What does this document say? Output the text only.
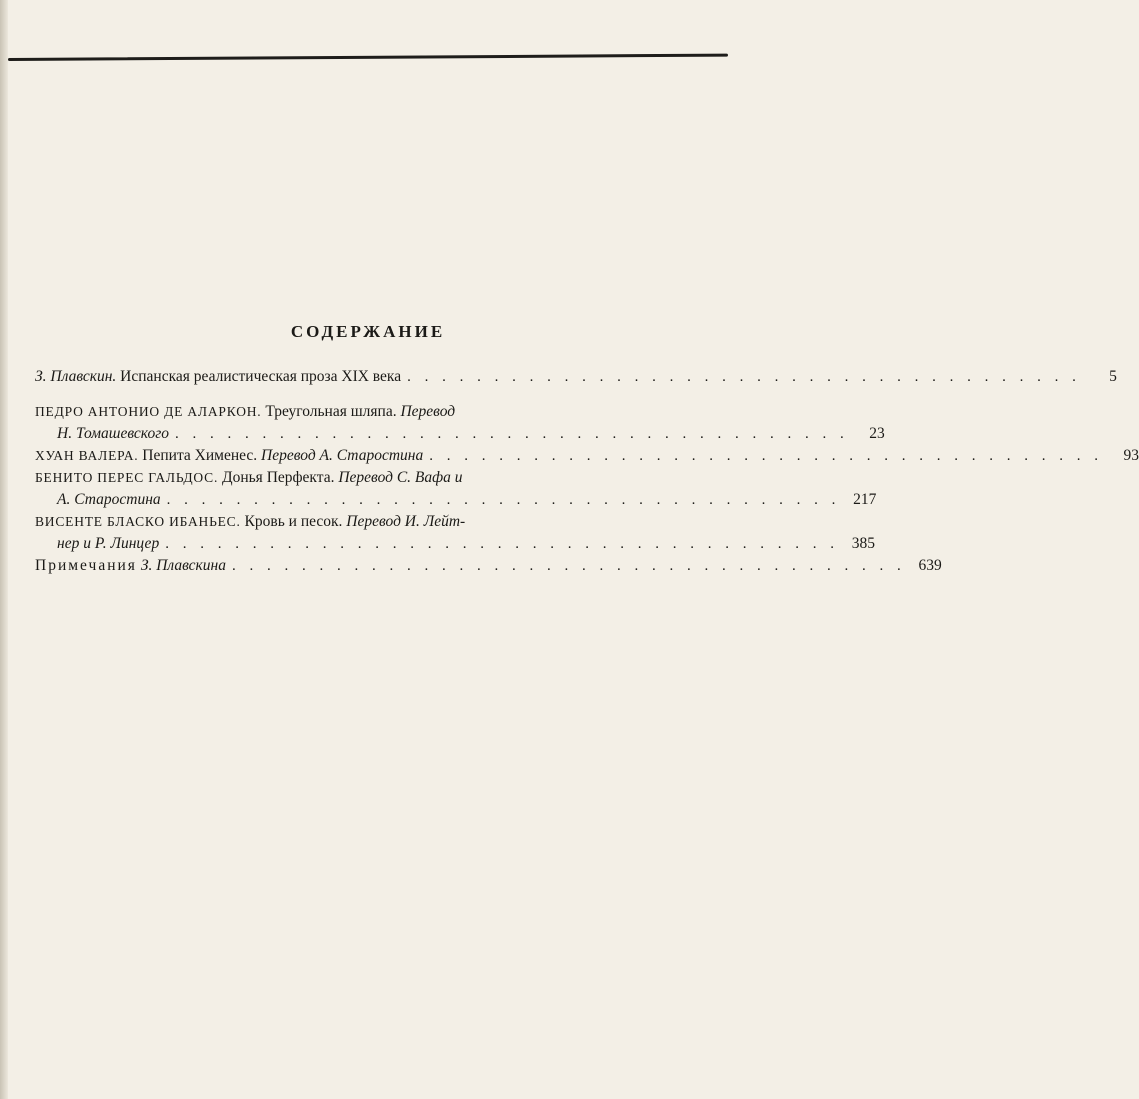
СОДЕРЖАНИЕ
З. Плавскин. Испанская реалистическая проза XIX века . . . . . . . . . . . . . . . . . . . . . . . . . . . . . . . . . . . . . . .	5
ПЕДРО АНТОНИО ДЕ АЛАРКОН. Треугольная шляпа. Перевод
Н. Томашевского . . . . . . . . . . . . . . . . . . . . . . . . . . . . . . . . . . . . . . .	23
ХУАН ВАЛЕРА. Пепита Хименес. Перевод А. Старостина . . . . . . . . . . . . . . . . . . . . . . . . . . . . . . . . . . . . . . .	93
БЕНИТО ПЕРЕС ГАЛЬДОС. Донья Перфекта. Перевод С. Вафа и
А. Старостина . . . . . . . . . . . . . . . . . . . . . . . . . . . . . . . . . . . . . . . 217
ВИСЕНТЕ БЛАСКО ИБАНЬЕС. Кровь и песок. Перевод И. Лейт-
нер и Р. Линцер . . . . . . . . . . . . . . . . . . . . . . . . . . . . . . . . . . . . . . . 385
Примечания З. Плавскина . . . . . . . . . . . . . . . . . . . . . . . . . . . . . . . . . . . . . . . 639
